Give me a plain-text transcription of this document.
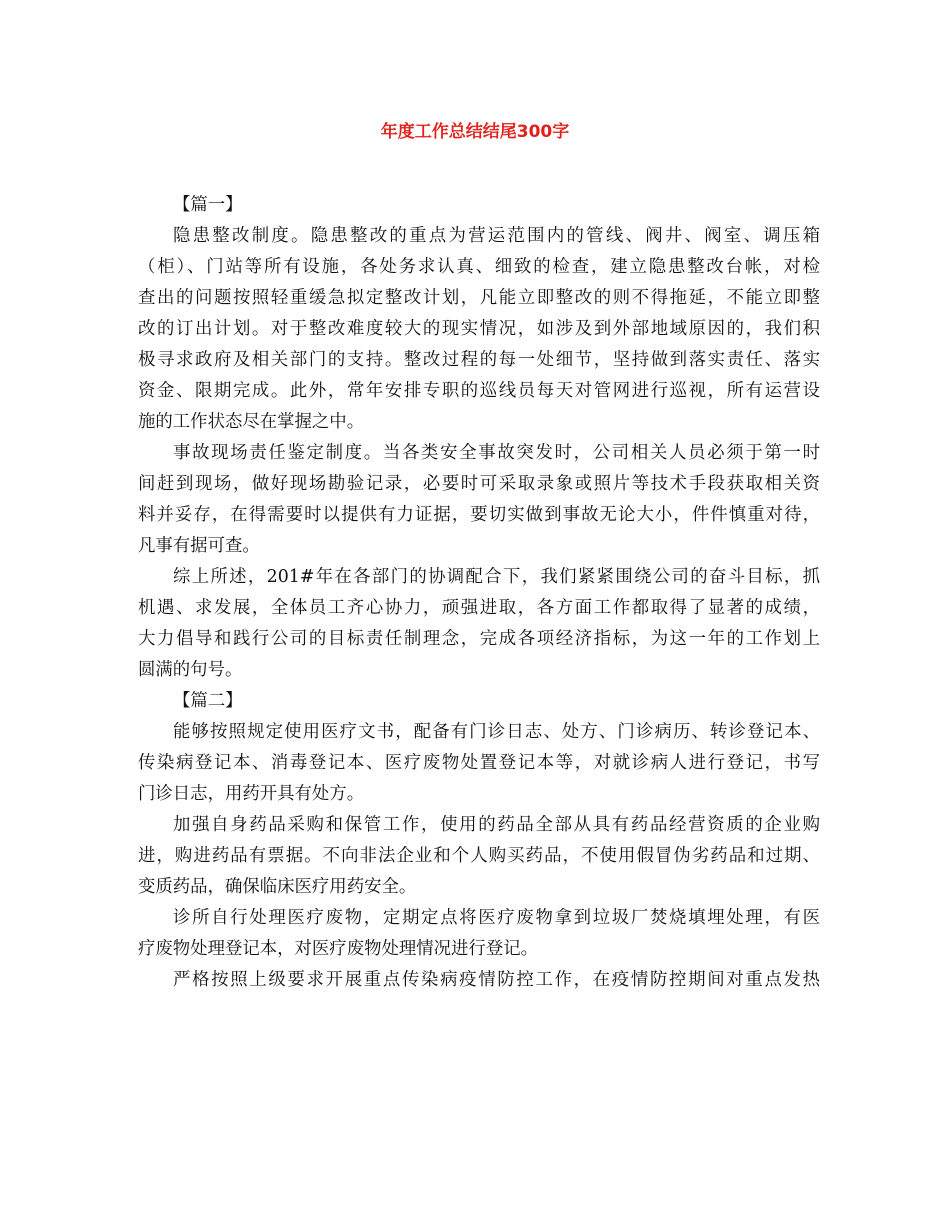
年度工作总结结尾300字
【篇一】
隐患整改制度。隐患整改的重点为营运范围内的管线、阀井、阀室、调压箱
（柜）、门站等所有设施，各处务求认真、细致的检查，建立隐患整改台帐，对检
查出的问题按照轻重缓急拟定整改计划，凡能立即整改的则不得拖延，不能立即整
改的订出计划。对于整改难度较大的现实情况，如涉及到外部地域原因的，我们积
极寻求政府及相关部门的支持。整改过程的每一处细节，坚持做到落实责任、落实
资金、限期完成。此外，常年安排专职的巡线员每天对管网进行巡视，所有运营设
施的工作状态尽在掌握之中。
事故现场责任鉴定制度。当各类安全事故突发时，公司相关人员必须于第一时
间赶到现场，做好现场勘验记录，必要时可采取录象或照片等技术手段获取相关资
料并妥存，在得需要时以提供有力证据，要切实做到事故无论大小，件件慎重对待，
凡事有据可查。
综上所述，201#年在各部门的协调配合下，我们紧紧围绕公司的奋斗目标，抓
机遇、求发展，全体员工齐心协力，顽强进取，各方面工作都取得了显著的成绩，
大力倡导和践行公司的目标责任制理念，完成各项经济指标，为这一年的工作划上
圆满的句号。
【篇二】
能够按照规定使用医疗文书，配备有门诊日志、处方、门诊病历、转诊登记本、
传染病登记本、消毒登记本、医疗废物处置登记本等，对就诊病人进行登记，书写
门诊日志，用药开具有处方。
加强自身药品采购和保管工作，使用的药品全部从具有药品经营资质的企业购
进，购进药品有票据。不向非法企业和个人购买药品，不使用假冒伪劣药品和过期、
变质药品，确保临床医疗用药安全。
诊所自行处理医疗废物，定期定点将医疗废物拿到垃圾厂焚烧填埋处理，有医
疗废物处理登记本，对医疗废物处理情况进行登记。
严格按照上级要求开展重点传染病疫情防控工作，在疫情防控期间对重点发热
